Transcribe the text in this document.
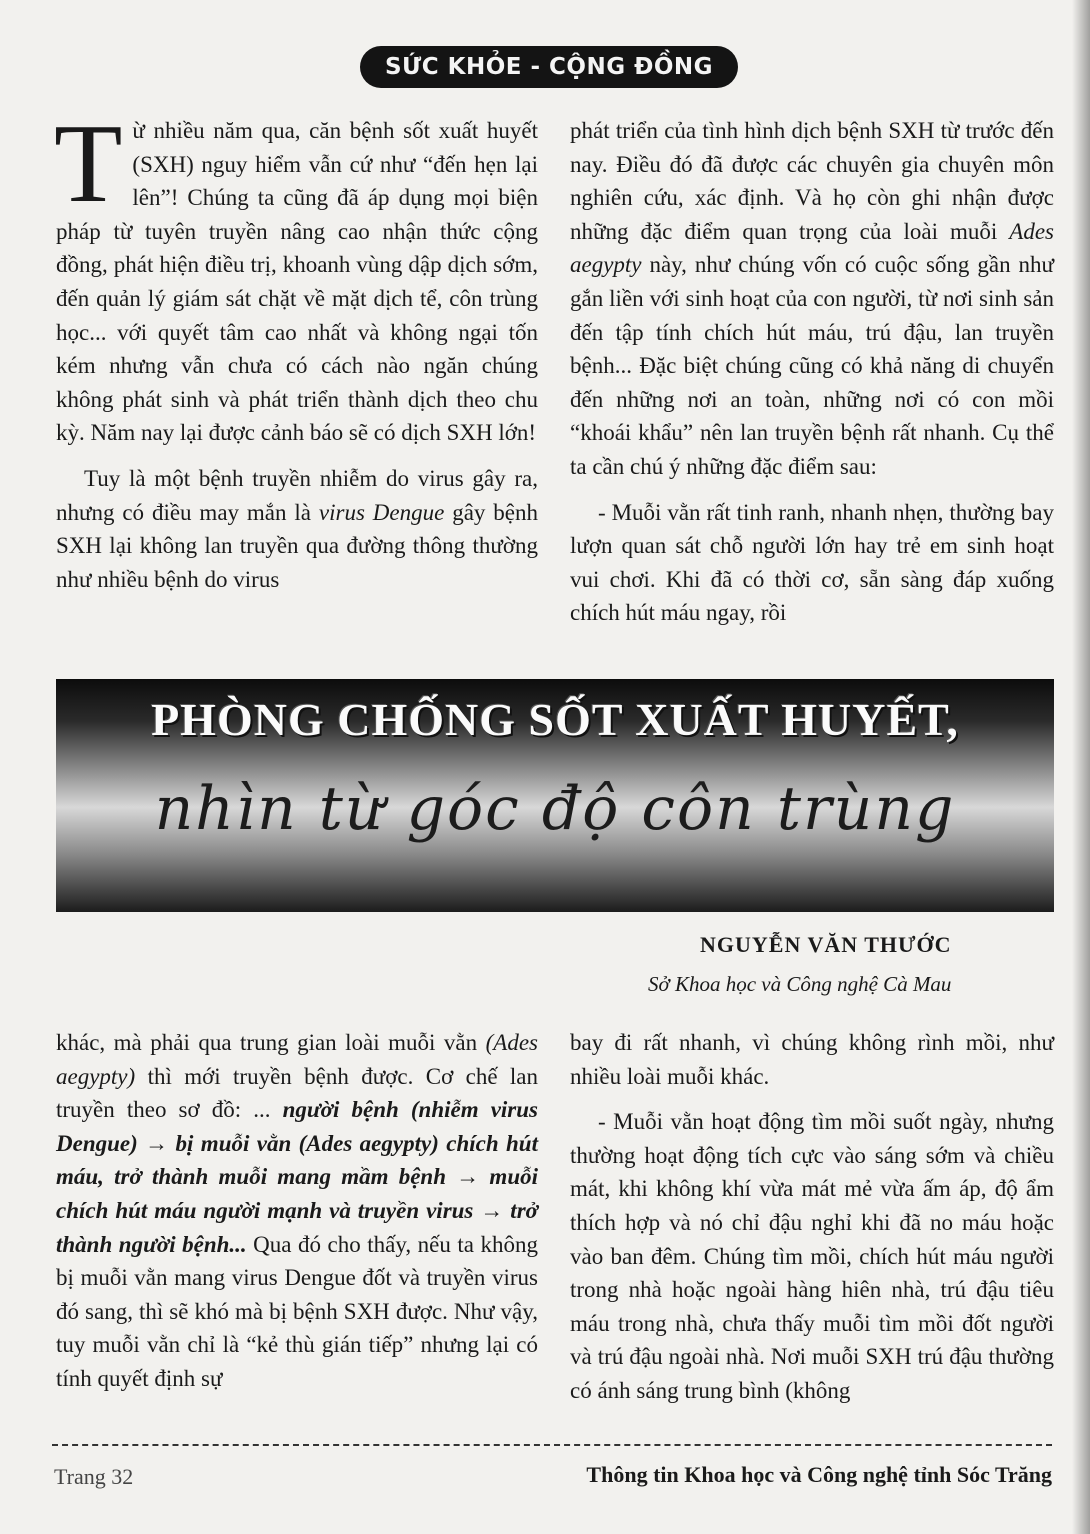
SỨC KHỎE - CỘNG ĐỒNG

Từ nhiều năm qua, căn bệnh sốt xuất huyết (SXH) nguy hiểm vẫn cứ như “đến hẹn lại lên”! Chúng ta cũng đã áp dụng mọi biện pháp từ tuyên truyền nâng cao nhận thức cộng đồng, phát hiện điều trị, khoanh vùng dập dịch sớm, đến quản lý giám sát chặt về mặt dịch tể, côn trùng học... với quyết tâm cao nhất và không ngại tốn kém nhưng vẫn chưa có cách nào ngăn chúng không phát sinh và phát triển thành dịch theo chu kỳ. Năm nay lại được cảnh báo sẽ có dịch SXH lớn!

Tuy là một bệnh truyền nhiễm do virus gây ra, nhưng có điều may mắn là virus Dengue gây bệnh SXH lại không lan truyền qua đường thông thường như nhiều bệnh do virus

phát triển của tình hình dịch bệnh SXH từ trước đến nay. Điều đó đã được các chuyên gia chuyên môn nghiên cứu, xác định. Và họ còn ghi nhận được những đặc điểm quan trọng của loài muỗi Ades aegypty này, như chúng vốn có cuộc sống gần như gắn liền với sinh hoạt của con người, từ nơi sinh sản đến tập tính chích hút máu, trú đậu, lan truyền bệnh... Đặc biệt chúng cũng có khả năng di chuyển đến những nơi an toàn, những nơi có con mồi “khoái khẩu” nên lan truyền bệnh rất nhanh. Cụ thể ta cần chú ý những đặc điểm sau:

- Muỗi vằn rất tinh ranh, nhanh nhẹn, thường bay lượn quan sát chỗ người lớn hay trẻ em sinh hoạt vui chơi. Khi đã có thời cơ, sẵn sàng đáp xuống chích hút máu ngay, rồi

PHÒNG CHỐNG SỐT XUẤT HUYẾT,
nhìn từ góc độ côn trùng
NGUYỄN VĂN THƯỚC
Sở Khoa học và Công nghệ Cà Mau

khác, mà phải qua trung gian loài muỗi vằn (Ades aegypty) thì mới truyền bệnh được. Cơ chế lan truyền theo sơ đồ: ... người bệnh (nhiễm virus Dengue) → bị muỗi vằn (Ades aegypty) chích hút máu, trở thành muỗi mang mầm bệnh → muỗi chích hút máu người mạnh và truyền virus → trở thành người bệnh... Qua đó cho thấy, nếu ta không bị muỗi vằn mang virus Dengue đốt và truyền virus đó sang, thì sẽ khó mà bị bệnh SXH được. Như vậy, tuy muỗi vằn chỉ là “kẻ thù gián tiếp” nhưng lại có tính quyết định sự

bay đi rất nhanh, vì chúng không rình mồi, như nhiều loài muỗi khác.

- Muỗi vằn hoạt động tìm mồi suốt ngày, nhưng thường hoạt động tích cực vào sáng sớm và chiều mát, khi không khí vừa mát mẻ vừa ấm áp, độ ẩm thích hợp và nó chỉ đậu nghỉ khi đã no máu hoặc vào ban đêm. Chúng tìm mồi, chích hút máu người trong nhà hoặc ngoài hàng hiên nhà, trú đậu tiêu máu trong nhà, chưa thấy muỗi tìm mồi đốt người và trú đậu ngoài nhà. Nơi muỗi SXH trú đậu thường có ánh sáng trung bình (không

Trang 32	Thông tin Khoa học và Công nghệ tỉnh Sóc Trăng
